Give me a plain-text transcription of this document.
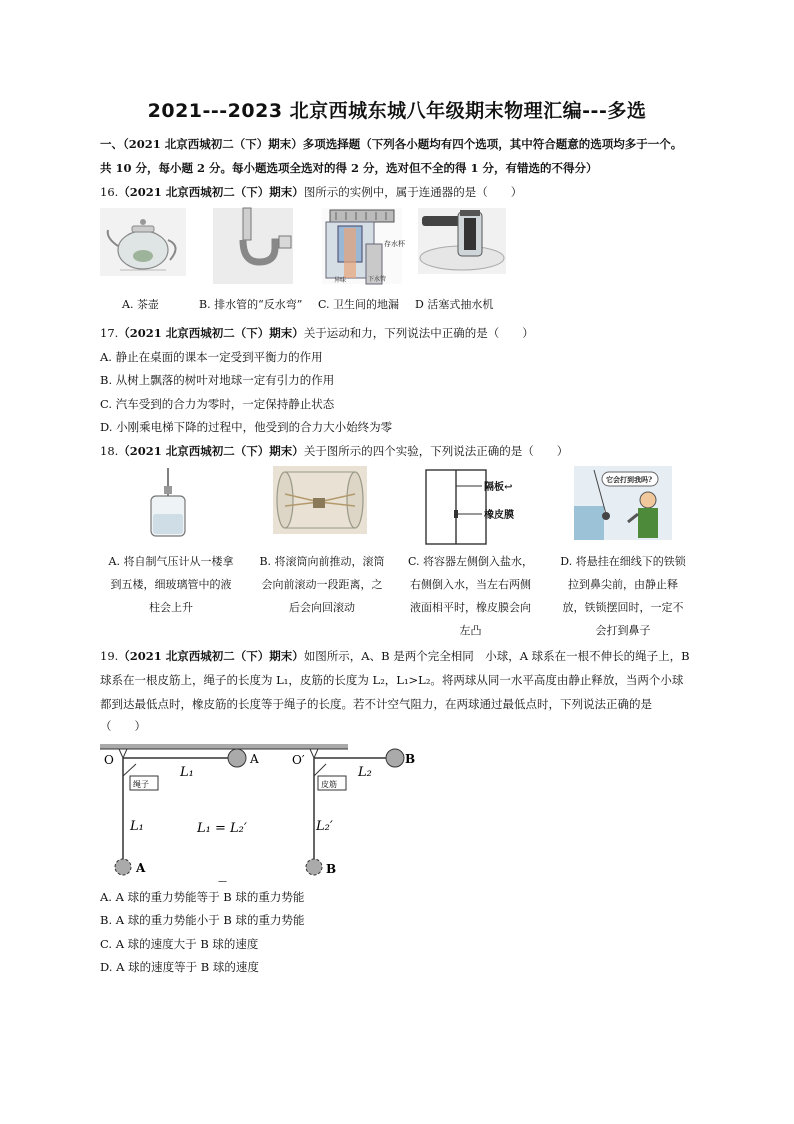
2021---2023 北京西城东城八年级期末物理汇编---多选
一、（2021 北京西城初二（下）期末）多项选择题（下列各小题均有四个选项，其中符合题意的选项均多于一个。
共 10 分，每小题 2 分。每小题选项全选对的得 2 分，选对但不全的得 1 分，有错选的不得分）
16.（2021 北京西城初二（下）期末）图所示的实例中，属于连通器的是（　　）
存水杯
异味	下水管
A. 茶壶	B. 排水管的“反水弯” C. 卫生间的地漏 D 活塞式抽水机
17.（2021 北京西城初二（下）期末）关于运动和力，下列说法中正确的是（　　）
A. 静止在桌面的课本一定受到平衡力的作用
B. 从树上飘落的树叶对地球一定有引力的作用
C. 汽车受到的合力为零时，一定保持静止状态
D. 小刚乘电梯下降的过程中，他受到的合力大小始终为零
18.（2021 北京西城初二（下）期末）关于图所示的四个实验，下列说法正确的是（　　）
隔板↩
橡皮膜
它会打到我吗?
A. 将自制气压计从一楼拿
到五楼，细玻璃管中的液
柱会上升
B. 将滚筒向前推动，滚筒
会向前滚动一段距离，之
后会向回滚动
C. 将容器左侧倒入盐水，
右侧倒入水，当左右两侧
液面相平时，橡皮膜会向
左凸
D. 将悬挂在细线下的铁锁
拉到鼻尖前，由静止释
放，铁锁摆回时，一定不
会打到鼻子
19.（2021 北京西城初二（下）期末）如图所示，A、B 是两个完全相同　小球，A 球系在一根不伸长的绳子上，B
球系在一根皮筋上，绳子的长度为 L₁，皮筋的长度为 L₂，L₁>L₂。将两球从同一水平高度由静止释放，当两个小球
都到达最低点时，橡皮筋的长度等于绳子的长度。若不计空气阻力，在两球通过最低点时，下列说法正确的是
（　　）
O	O′
A	B
绳子	皮筋
L₁	L₂
L₁	L₂′
L₁ = L₂′
A	B
—
A. A 球的重力势能等于 B 球的重力势能
B. A 球的重力势能小于 B 球的重力势能
C. A 球的速度大于 B 球的速度
D. A 球的速度等于 B 球的速度
